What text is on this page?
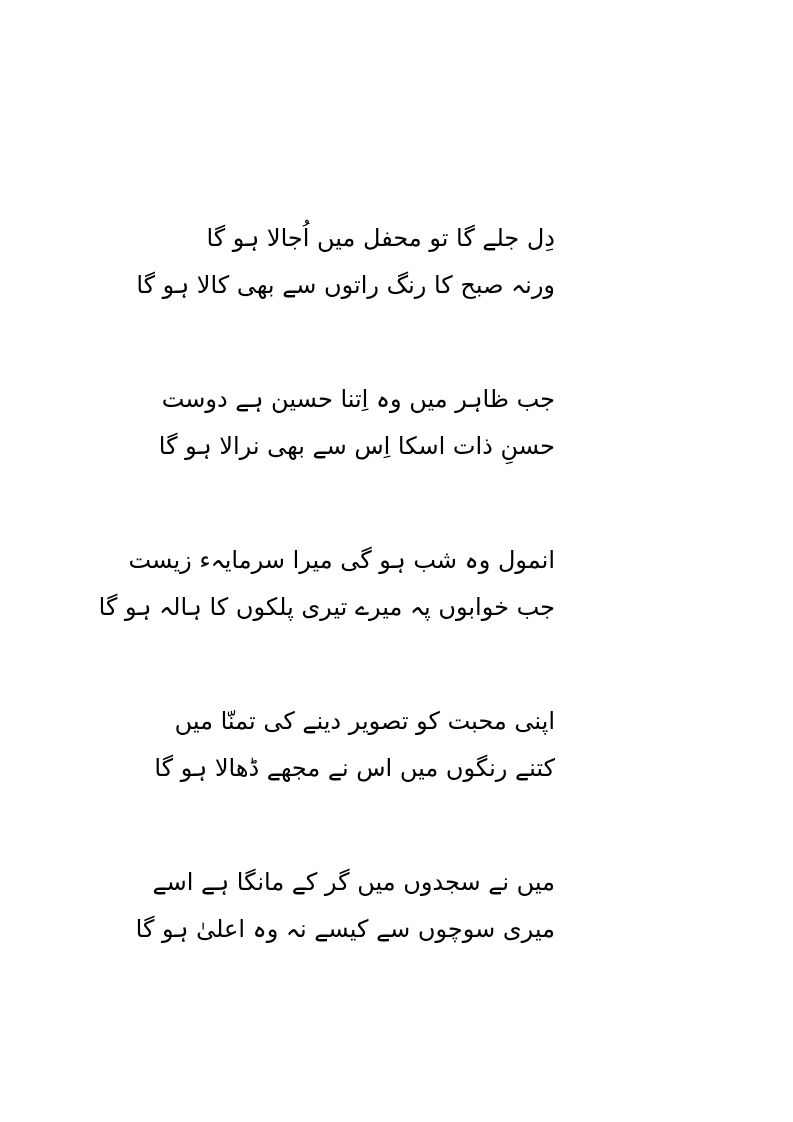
دِل جلے گا تو محفل میں اُجالا ہو گا
ورنہ صبح کا رنگ راتوں سے بھی کالا ہو گا
جب ظاہر میں وہ اِتنا حسین ہے دوست
حسنِ ذات اسکا اِس سے بھی نرالا ہو گا
انمول وہ شب ہو گی میرا سرمایہء زیست
جب خوابوں پہ میرے تیری پلکوں کا ہالہ ہو گا
اپنی محبت کو تصویر دینے کی تمنّا میں
کتنے رنگوں میں اس نے مجھے ڈھالا ہو گا
میں نے سجدوں میں گر کے مانگا ہے اسے
میری سوچوں سے کیسے نہ وہ اعلیٰ ہو گا
